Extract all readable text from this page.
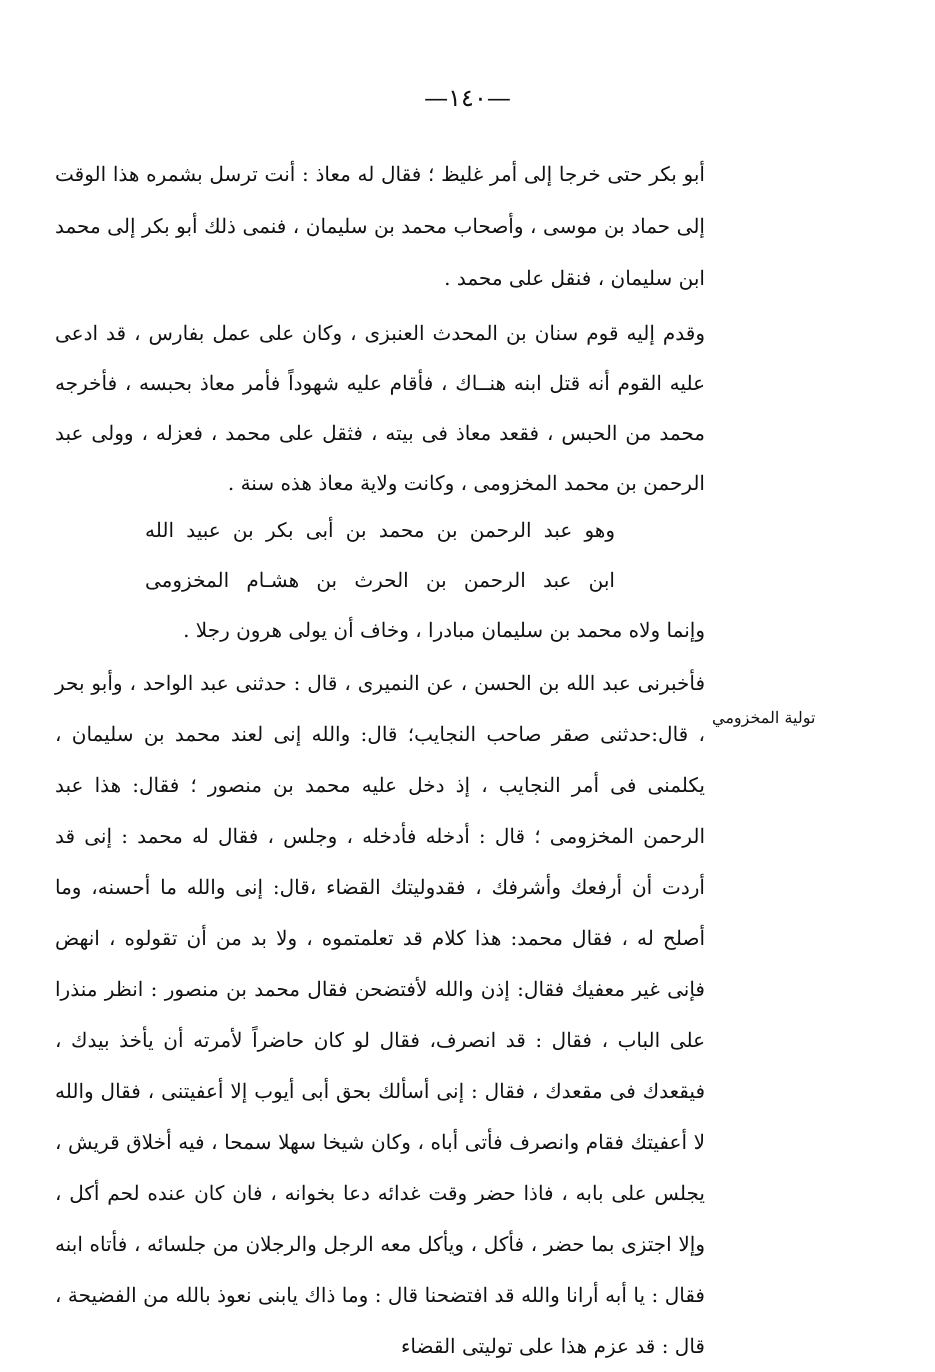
—١٤٠—

أبو بكر حتى خرجا إلى أمر غليظ ؛ فقال له معاذ : أنت ترسل بشمره هذا الوقت إلى حماد بن موسى ، وأصحاب محمد بن سليمان ، فنمى ذلك أبو بكر إلى محمد ابن سليمان ، فنقل على محمد .

وقدم إليه قوم سنان بن المحدث العنبزى ، وكان على عمل بفارس ، قد ادعى عليه القوم أنه قتل ابنه هنــاك ، فأقام عليه شهوداً فأمر معاذ بحبسه ، فأخرجه محمد من الحبس ، فقعد معاذ فى بيته ، فثقل على محمد ، فعزله ، وولى عبد الرحمن بن محمد المخزومى ، وكانت ولاية معاذ هذه سنة .

وهو عبد الرحمن بن محمد بن أبى بكر بن عبيد الله
ابن عبد الرحمن بن الحرث بن هشـام المخزومى

وإنما ولاه محمد بن سليمان مبادرا ، وخاف أن يولى هرون رجلا .

فأخبرنى عبد الله بن الحسن ، عن النميرى ، قال : حدثنى عبد الواحد ، وأبو بحر ، قال:حدثنى صقر صاحب النجايب؛ قال: والله إنى لعند محمد بن سليمان ، يكلمنى فى أمر النجايب ، إذ دخل عليه محمد بن منصور ؛ فقال: هذا عبد الرحمن المخزومى ؛ قال : أدخله فأدخله ، وجلس ، فقال له محمد : إنى قد أردت أن أرفعك وأشرفك ، فقدوليتك القضاء ،قال: إنى والله ما أحسنه، وما أصلح له ، فقال محمد: هذا كلام قد تعلمتموه ، ولا بد من أن تقولوه ، انهض فإنى غير معفيك فقال: إذن والله لأفتضحن فقال محمد بن منصور : انظر منذرا على الباب ، فقال : قد انصرف، فقال لو كان حاضراً لأمرته أن يأخذ بيدك ، فيقعدك فى مقعدك ، فقال : إنى أسألك بحق أبى أيوب إلا أعفيتنى ، فقال والله لا أعفيتك فقام وانصرف فأتى أباه ، وكان شيخا سهلا سمحا ، فيه أخلاق قريش ، يجلس على بابه ، فاذا حضر وقت غدائه دعا بخوانه ، فان كان عنده لحم أكل ، وإلا اجتزى بما حضر ، فأكل ، ويأكل معه الرجل والرجلان من جلسائه ، فأتاه ابنه فقال : يا أبه أرانا والله قد افتضحنا قال : وما ذاك يابنى نعوذ بالله من الفضيحة ، قال : قد عزم هذا على توليتى القضاء

تولية المخزومي
